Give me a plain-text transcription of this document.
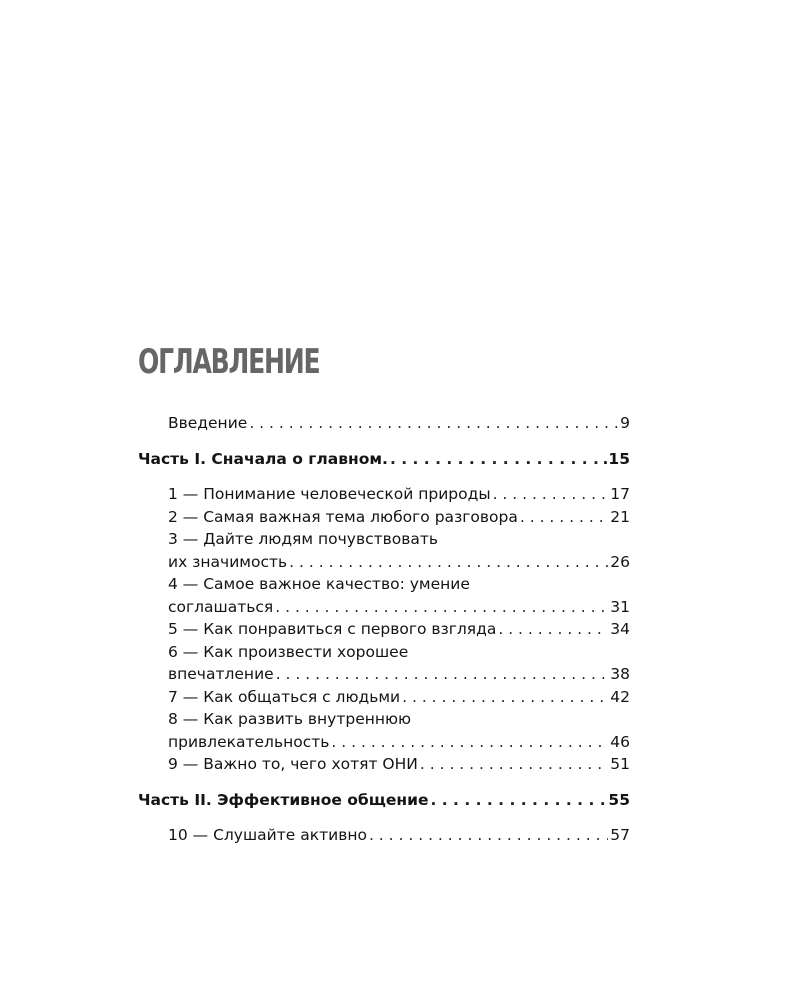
ОГЛАВЛЕНИЕ
Введение . . .	9
Часть I. Сначала о главном. . . .	.15
1 — Понимание человеческой природы . . .	17
2 — Самая важная тема любого разговора . . .	21
3 — Дайте людям почувствовать
их значимость . . .	26
4 — Самое важное качество: умение
соглашаться . . .	31
5 — Как понравиться с первого взгляда . . .	34
6 — Как произвести хорошее
впечатление . . .	38
7 — Как общаться с людьми . . .	42
8 — Как развить внутреннюю
привлекательность . . .	46
9 — Важно то, чего хотят ОНИ . . .	51
Часть II. Эффективное общение . . .	55
10 — Слушайте активно . . .	57
